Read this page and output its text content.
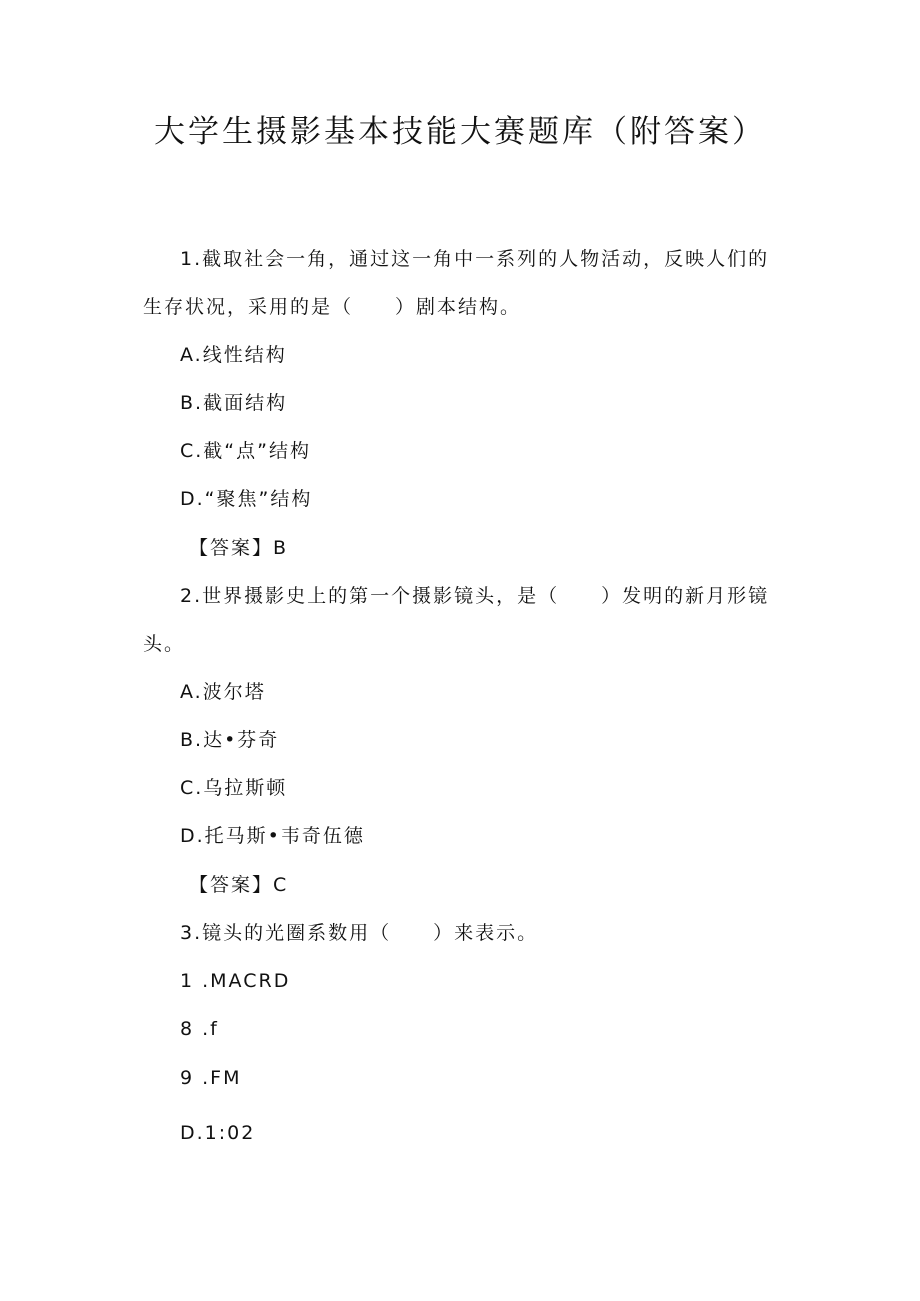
大学生摄影基本技能大赛题库（附答案）

1.截取社会一角，通过这一角中一系列的人物活动，反映人们的

生存状况，采用的是（　　）剧本结构。

A.线性结构

B.截面结构

C.截“点”结构

D.“聚焦”结构

【答案】B

2.世界摄影史上的第一个摄影镜头，是（　　）发明的新月形镜

头。

A.波尔塔

B.达•芬奇

C.乌拉斯顿

D.托马斯•韦奇伍德

【答案】C

3.镜头的光圈系数用（　　）来表示。

1 .MACRD

8 .f

9 .FM

D.1:02
